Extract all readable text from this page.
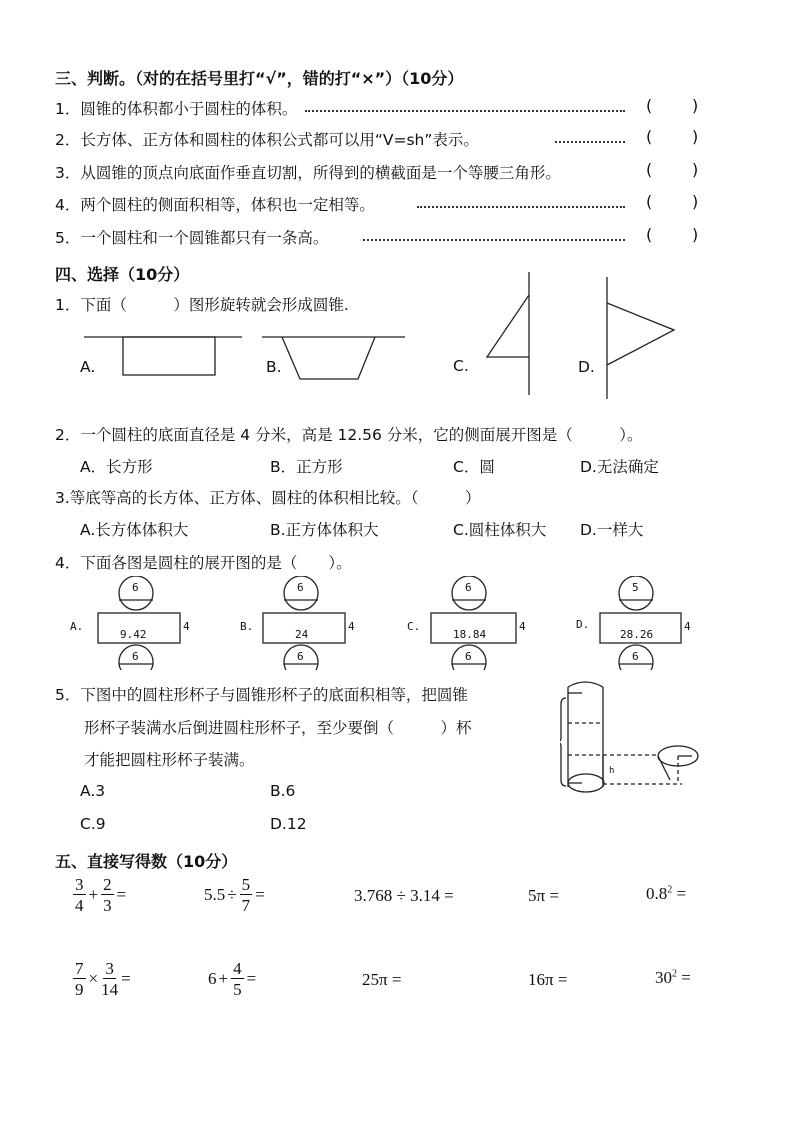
三、判断。（对的在括号里打“√”，错的打“×”）（10分）
1．圆锥的体积都小于圆柱的体积。	( )
2．长方体、正方体和圆柱的体积公式都可以用“V=sh”表示。	( )
3．从圆锥的顶点向底面作垂直切割，所得到的横截面是一个等腰三角形。	( )
4．两个圆柱的侧面积相等，体积也一定相等。	( )
5．一个圆柱和一个圆锥都只有一条高。	( )
四、选择（10分）
1．下面（　　　）图形旋转就会形成圆锥.
A.	B.	C.	D.
2．一个圆柱的底面直径是 4 分米，高是 12.56 分米，它的侧面展开图是（　　　）。
A．长方形	B．正方形	C．圆	D.无法确定
3.等底等高的长方体、正方体、圆柱的体积相比较。（　　　）
A.长方体体积大	B.正方体体积大	C.圆柱体积大 D.一样大
4．下面各图是圆柱的展开图的是（　　）。
A.
6
9.42
4
6
B.
6
24
4
6
C.
6
18.84
4
6
D.
5
28.26
4
6
5．下图中的圆柱形杯子与圆锥形杯子的底面积相等，把圆锥
形杯子装满水后倒进圆柱形杯子，至少要倒（　　　）杯
才能把圆柱形杯子装满。
A.3	B.6
C.9	D.12
h
五、直接写得数（10分）
$\frac{3}{4} + \frac{2}{3}$ =	$5.5 \div \frac{5}{7}$ =	3.768 ÷ 3.14 =	5π =	$0.8^2$ =
$\frac{7}{9} \times \frac{3}{14}$ =	$6 + \frac{4}{5}$ =	25π =	16π =	$30^2$ =
